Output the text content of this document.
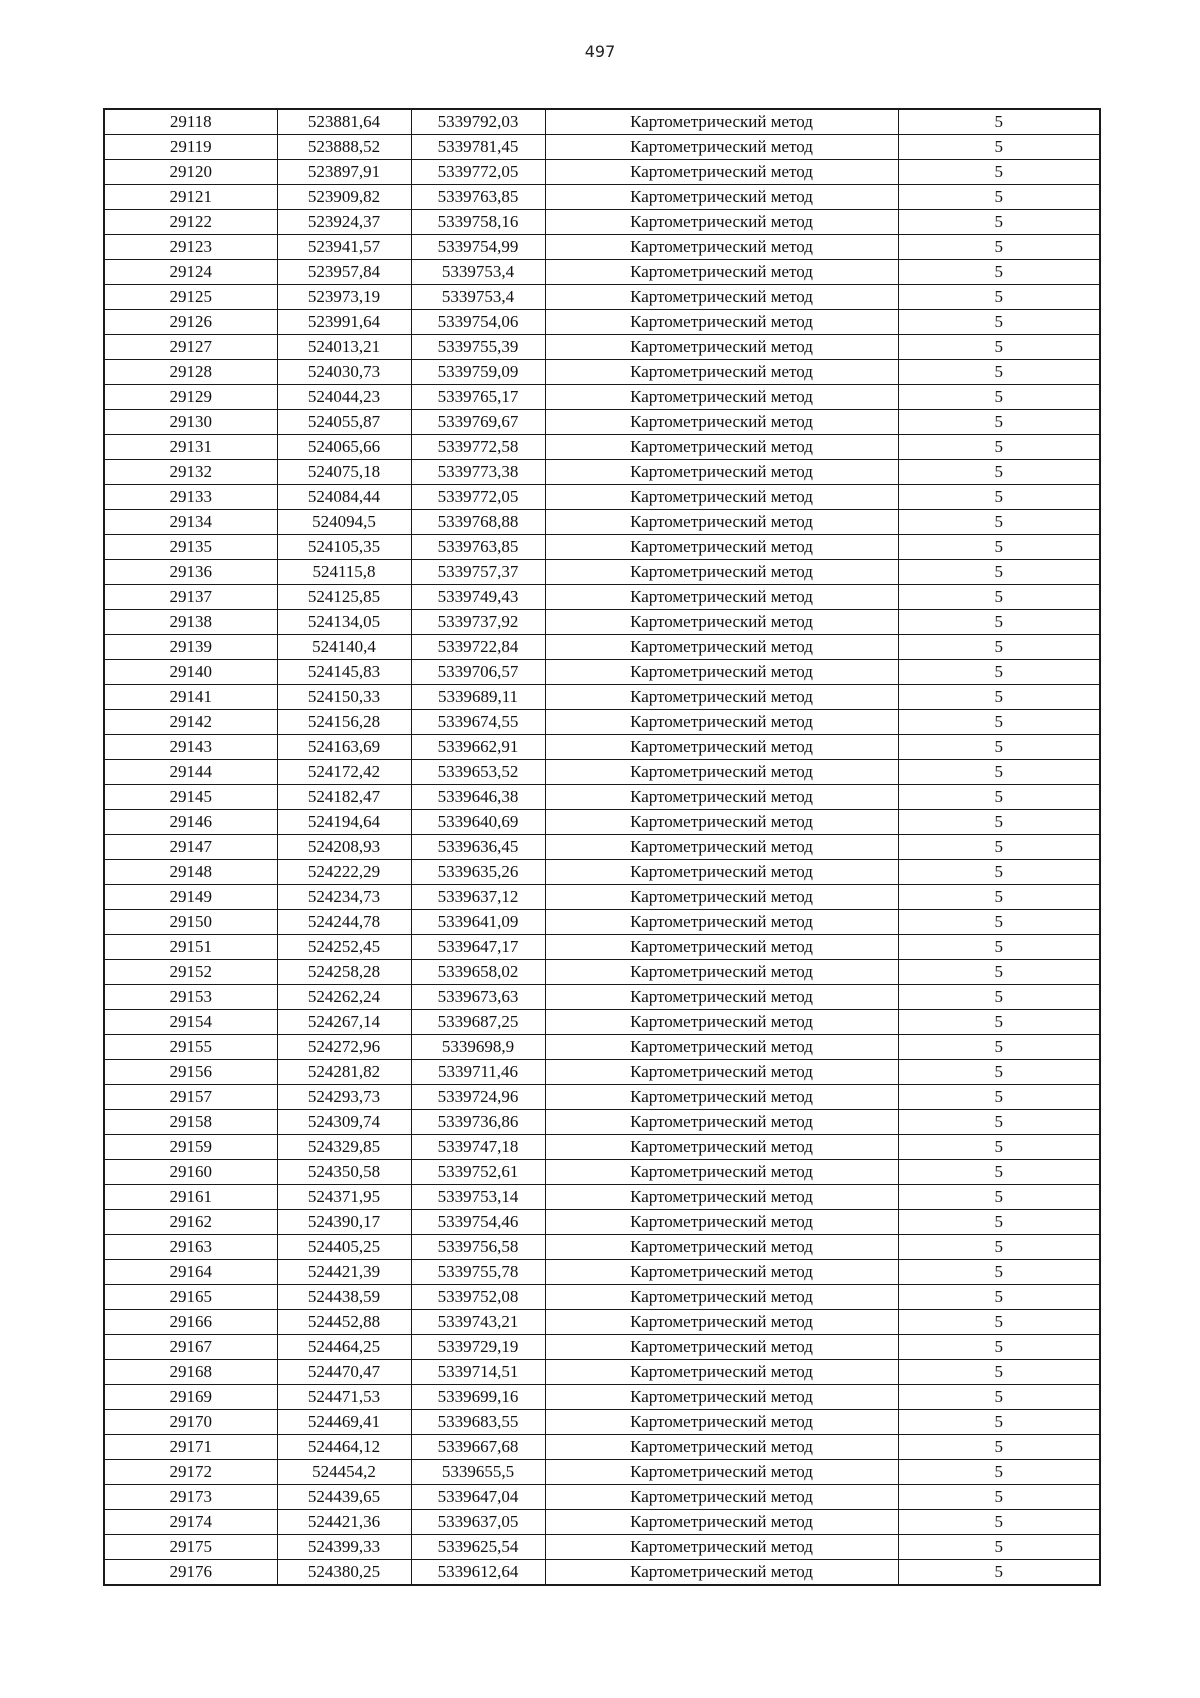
497
29118	523881,64	5339792,03	Картометрический метод	5
29119	523888,52	5339781,45	Картометрический метод	5
29120	523897,91	5339772,05	Картометрический метод	5
29121	523909,82	5339763,85	Картометрический метод	5
29122	523924,37	5339758,16	Картометрический метод	5
29123	523941,57	5339754,99	Картометрический метод	5
29124	523957,84	5339753,4	Картометрический метод	5
29125	523973,19	5339753,4	Картометрический метод	5
29126	523991,64	5339754,06	Картометрический метод	5
29127	524013,21	5339755,39	Картометрический метод	5
29128	524030,73	5339759,09	Картометрический метод	5
29129	524044,23	5339765,17	Картометрический метод	5
29130	524055,87	5339769,67	Картометрический метод	5
29131	524065,66	5339772,58	Картометрический метод	5
29132	524075,18	5339773,38	Картометрический метод	5
29133	524084,44	5339772,05	Картометрический метод	5
29134	524094,5	5339768,88	Картометрический метод	5
29135	524105,35	5339763,85	Картометрический метод	5
29136	524115,8	5339757,37	Картометрический метод	5
29137	524125,85	5339749,43	Картометрический метод	5
29138	524134,05	5339737,92	Картометрический метод	5
29139	524140,4	5339722,84	Картометрический метод	5
29140	524145,83	5339706,57	Картометрический метод	5
29141	524150,33	5339689,11	Картометрический метод	5
29142	524156,28	5339674,55	Картометрический метод	5
29143	524163,69	5339662,91	Картометрический метод	5
29144	524172,42	5339653,52	Картометрический метод	5
29145	524182,47	5339646,38	Картометрический метод	5
29146	524194,64	5339640,69	Картометрический метод	5
29147	524208,93	5339636,45	Картометрический метод	5
29148	524222,29	5339635,26	Картометрический метод	5
29149	524234,73	5339637,12	Картометрический метод	5
29150	524244,78	5339641,09	Картометрический метод	5
29151	524252,45	5339647,17	Картометрический метод	5
29152	524258,28	5339658,02	Картометрический метод	5
29153	524262,24	5339673,63	Картометрический метод	5
29154	524267,14	5339687,25	Картометрический метод	5
29155	524272,96	5339698,9	Картометрический метод	5
29156	524281,82	5339711,46	Картометрический метод	5
29157	524293,73	5339724,96	Картометрический метод	5
29158	524309,74	5339736,86	Картометрический метод	5
29159	524329,85	5339747,18	Картометрический метод	5
29160	524350,58	5339752,61	Картометрический метод	5
29161	524371,95	5339753,14	Картометрический метод	5
29162	524390,17	5339754,46	Картометрический метод	5
29163	524405,25	5339756,58	Картометрический метод	5
29164	524421,39	5339755,78	Картометрический метод	5
29165	524438,59	5339752,08	Картометрический метод	5
29166	524452,88	5339743,21	Картометрический метод	5
29167	524464,25	5339729,19	Картометрический метод	5
29168	524470,47	5339714,51	Картометрический метод	5
29169	524471,53	5339699,16	Картометрический метод	5
29170	524469,41	5339683,55	Картометрический метод	5
29171	524464,12	5339667,68	Картометрический метод	5
29172	524454,2	5339655,5	Картометрический метод	5
29173	524439,65	5339647,04	Картометрический метод	5
29174	524421,36	5339637,05	Картометрический метод	5
29175	524399,33	5339625,54	Картометрический метод	5
29176	524380,25	5339612,64	Картометрический метод	5
